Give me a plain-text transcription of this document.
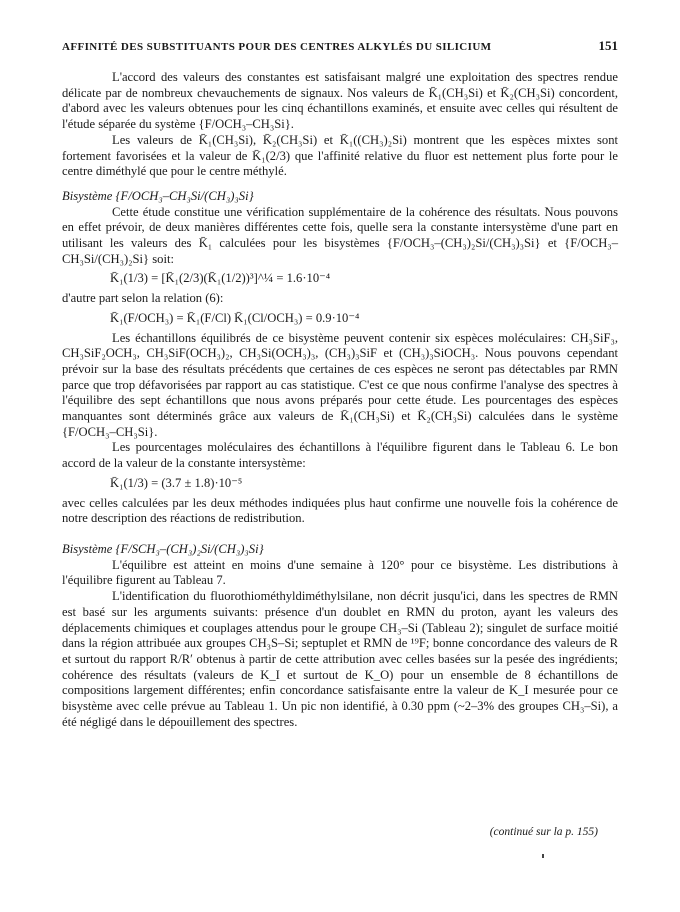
AFFINITÉ DES SUBSTITUANTS POUR DES CENTRES ALKYLÉS DU SILICIUM	151

L'accord des valeurs des constantes est satisfaisant malgré une exploitation des spectres rendue délicate par de nombreux chevauchements de signaux. Nos valeurs de K̄₁(CH₃Si) et K̄₂(CH₃Si) concordent, d'abord avec les valeurs obtenues pour les cinq échantillons examinés, et ensuite avec celles qui résultent de l'étude séparée du système {F/OCH₃–CH₃Si}.

Les valeurs de K̄₁(CH₃Si), K̄₂(CH₃Si) et K̄₁((CH₃)₂Si) montrent que les espèces mixtes sont fortement favorisées et la valeur de K̄₁(2/3) que l'affinité relative du fluor est nettement plus forte pour le centre diméthylé que pour le centre méthylé.

Bisystème {F/OCH₃–CH₃Si/(CH₃)₃Si}

Cette étude constitue une vérification supplémentaire de la cohérence des résultats. Nous pouvons en effet prévoir, de deux manières différentes cette fois, quelle sera la constante intersystème d'une part en utilisant les valeurs des K̄₁ calculées pour les bisystèmes {F/OCH₃–(CH₃)₂Si/(CH₃)₃Si} et {F/OCH₃–CH₃Si/(CH₃)₂Si} soit:

K̄₁(1/3) = [K̄₁(2/3)(K̄₁(1/2))³]^¼ = 1.6·10⁻⁴

d'autre part selon la relation (6):

K̄₁(F/OCH₃) = K̄₁(F/Cl) K̄₁(Cl/OCH₃) = 0.9·10⁻⁴

Les échantillons équilibrés de ce bisystème peuvent contenir six espèces moléculaires: CH₃SiF₃, CH₃SiF₂OCH₃, CH₃SiF(OCH₃)₂, CH₃Si(OCH₃)₃, (CH₃)₃SiF et (CH₃)₃SiOCH₃. Nous pouvons cependant prévoir sur la base des résultats précédents que certaines de ces espèces ne seront pas détectables par RMN parce que trop défavorisées par rapport au cas statistique. C'est ce que nous confirme l'analyse des spectres à l'équilibre des sept échantillons que nous avons préparés pour cette étude. Les pourcentages des espèces manquantes sont déterminés grâce aux valeurs de K̄₁(CH₃Si) et K̄₂(CH₃Si) calculées dans le système {F/OCH₃–CH₃Si}.

Les pourcentages moléculaires des échantillons à l'équilibre figurent dans le Tableau 6. Le bon accord de la valeur de la constante intersystème:

K̄₁(1/3) = (3.7 ± 1.8)·10⁻⁵

avec celles calculées par les deux méthodes indiquées plus haut confirme une nouvelle fois la cohérence de notre description des réactions de redistribution.

Bisystème {F/SCH₃–(CH₃)₂Si/(CH₃)₃Si}

L'équilibre est atteint en moins d'une semaine à 120° pour ce bisystème. Les distributions à l'équilibre figurent au Tableau 7.

L'identification du fluorothiométhyldiméthylsilane, non décrit jusqu'ici, dans les spectres de RMN est basé sur les arguments suivants: présence d'un doublet en RMN du proton, ayant les valeurs des déplacements chimiques et couplages attendus pour le groupe CH₃–Si (Tableau 2); singulet de surface moitié dans la région attribuée aux groupes CH₃S–Si; septuplet et RMN de ¹⁹F; bonne concordance des valeurs de R et surtout du rapport R/R′ obtenus à partir de cette attribution avec celles basées sur la pesée des ingrédients; cohérence des résultats (valeurs de K_I et surtout de K_O) pour un ensemble de 8 échantillons de compositions largement différentes; enfin concordance satisfaisante entre la valeur de K_I mesurée pour ce bisystème avec celle prévue au Tableau 1. Un pic non identifié, à 0.30 ppm (~2–3% des groupes CH₃–Si), a été négligé dans le dépouillement des spectres.

(continué sur la p. 155)
